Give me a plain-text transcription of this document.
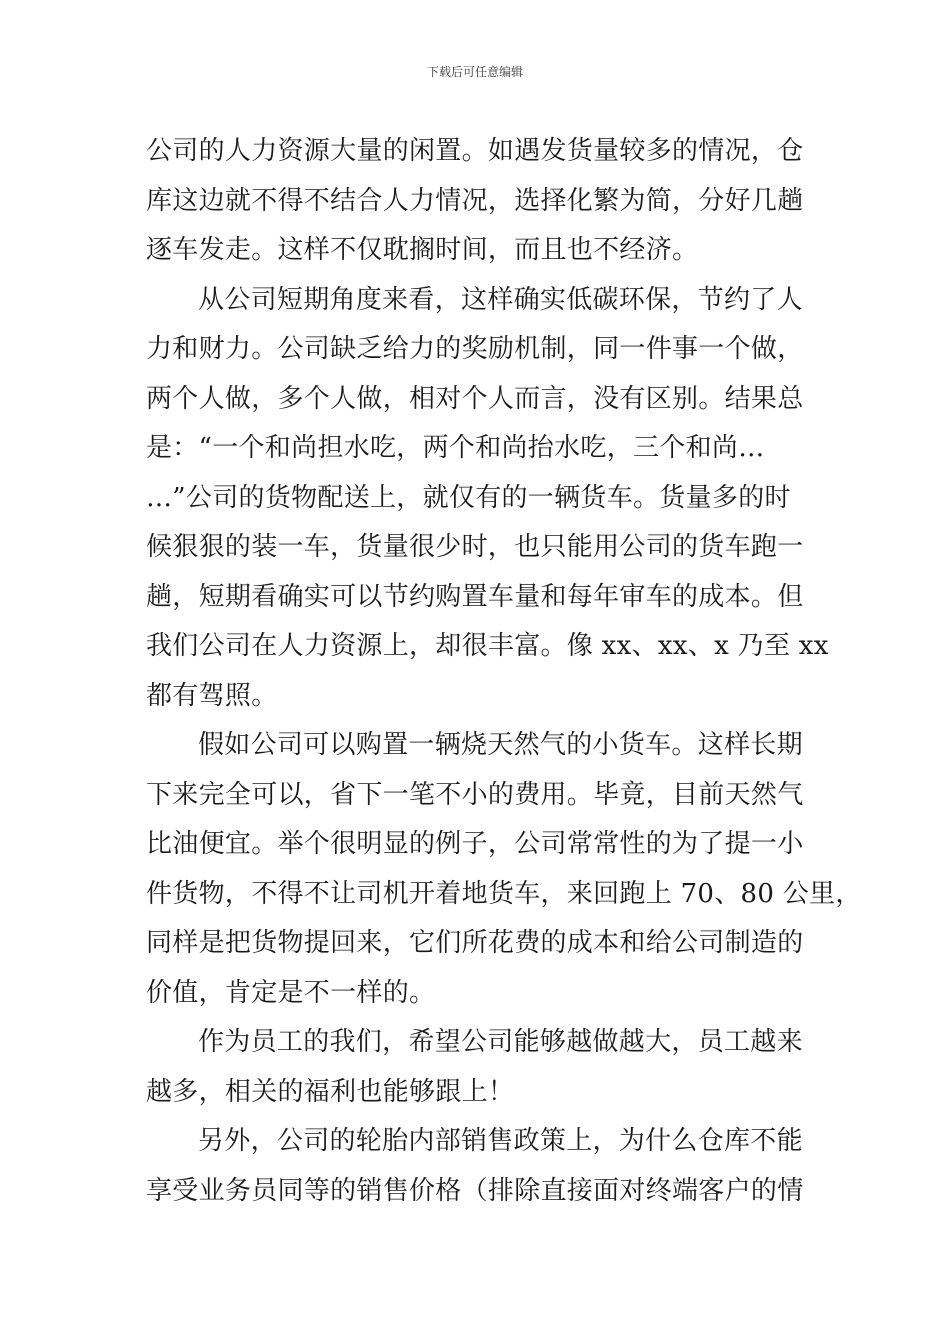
下载后可任意编辑
公司的人力资源大量的闲置。如遇发货量较多的情况，仓
库这边就不得不结合人力情况，选择化繁为简，分好几趟
逐车发走。这样不仅耽搁时间，而且也不经济。
从公司短期角度来看，这样确实低碳环保，节约了人
力和财力。公司缺乏给力的奖励机制，同一件事一个做，
两个人做，多个人做，相对个人而言，没有区别。结果总
是：“一个和尚担水吃，两个和尚抬水吃，三个和尚…
…”公司的货物配送上，就仅有的一辆货车。货量多的时
候狠狠的装一车，货量很少时，也只能用公司的货车跑一
趟，短期看确实可以节约购置车量和每年审车的成本。但
我们公司在人力资源上，却很丰富。像 xx、xx、x 乃至 xx
都有驾照。
假如公司可以购置一辆烧天然气的小货车。这样长期
下来完全可以，省下一笔不小的费用。毕竟，目前天然气
比油便宜。举个很明显的例子，公司常常性的为了提一小
件货物，不得不让司机开着地货车，来回跑上 70、80 公里，
同样是把货物提回来，它们所花费的成本和给公司制造的
价值，肯定是不一样的。
作为员工的我们，希望公司能够越做越大，员工越来
越多，相关的福利也能够跟上！
另外，公司的轮胎内部销售政策上，为什么仓库不能
享受业务员同等的销售价格（排除直接面对终端客户的情
